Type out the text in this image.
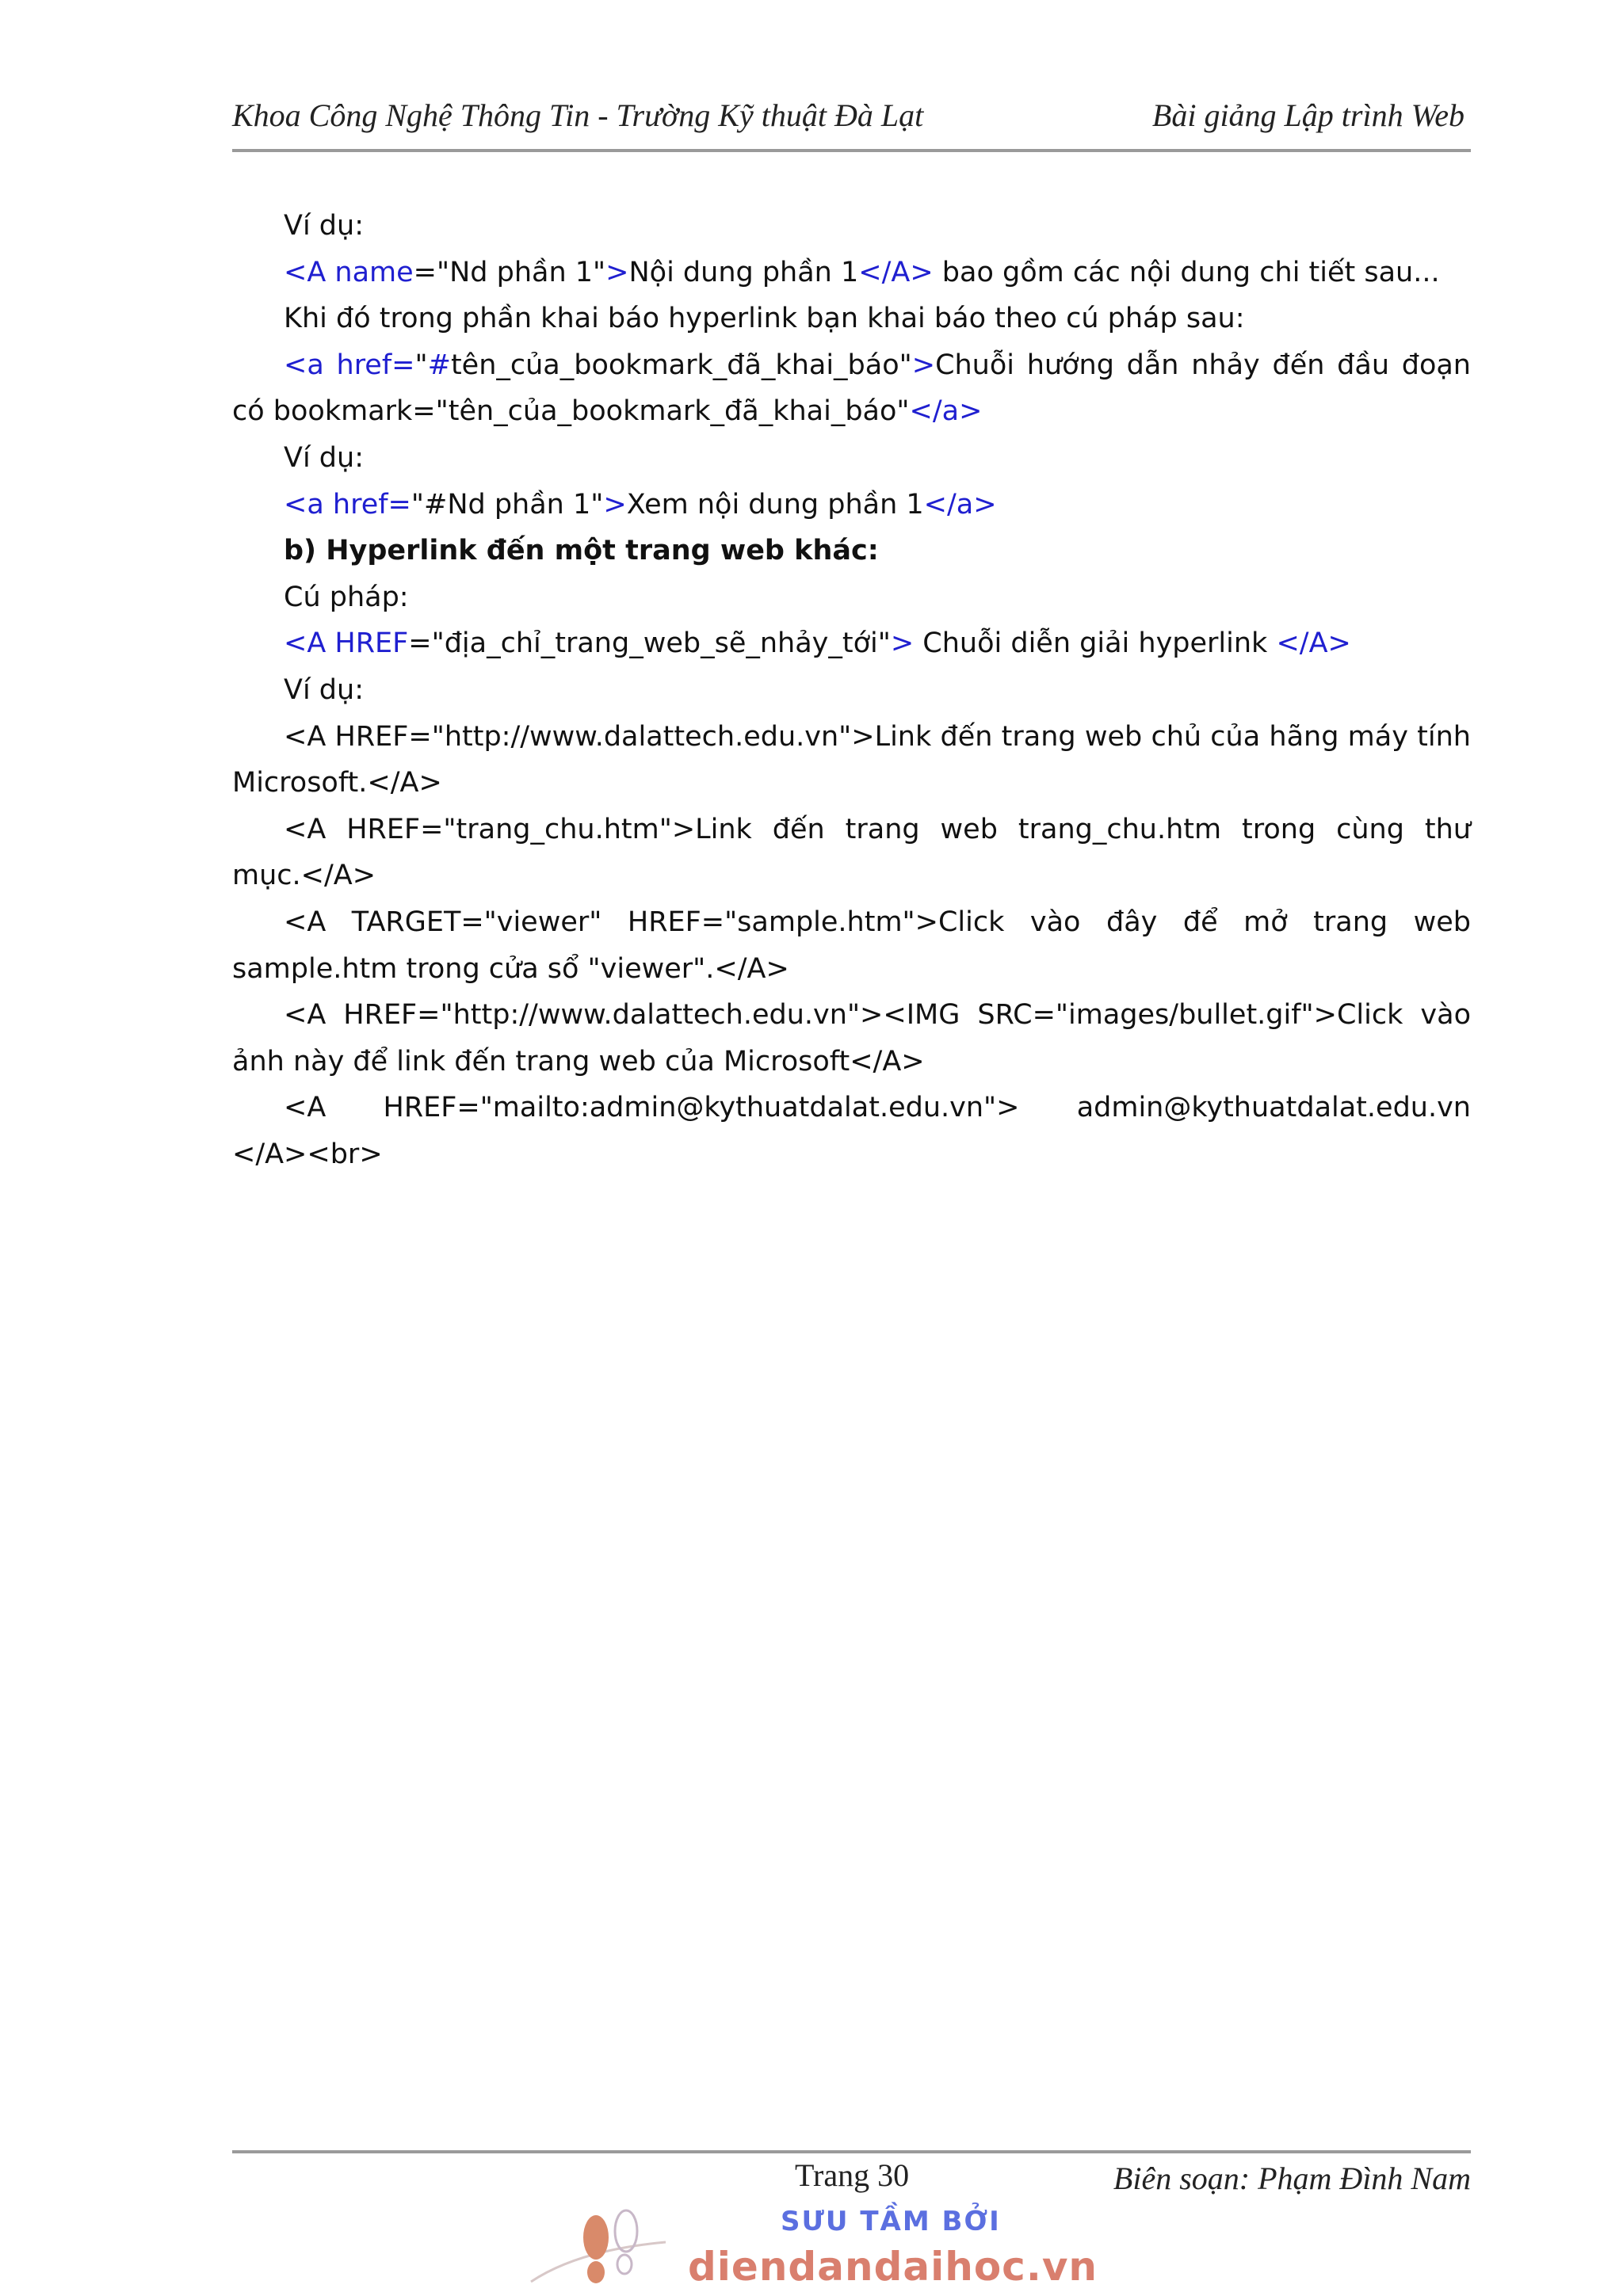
Khoa Công Nghệ Thông Tin - Trường Kỹ thuật Đà Lạt	Bài giảng Lập trình Web

Ví dụ:

<A name="Nd phần 1">Nội dung phần 1</A> bao gồm các nội dung chi tiết sau...

Khi đó trong phần khai báo hyperlink bạn khai báo theo cú pháp sau:

<a href="#tên_của_bookmark_đã_khai_báo">Chuỗi hướng dẫn nhảy đến đầu đoạn

có bookmark="tên_của_bookmark_đã_khai_báo"</a>

Ví dụ:

<a href="#Nd phần 1">Xem nội dung phần 1</a>

b) Hyperlink đến một trang web khác:

Cú pháp:

<A HREF="địa_chỉ_trang_web_sẽ_nhảy_tới"> Chuỗi diễn giải hyperlink </A>

Ví dụ:

<A HREF="http://www.dalattech.edu.vn">Link đến trang web chủ của hãng máy tính

Microsoft.</A>

<A HREF="trang_chu.htm">Link đến trang web trang_chu.htm trong cùng thư

mục.</A>

<A TARGET="viewer" HREF="sample.htm">Click vào đây để mở trang web

sample.htm trong cửa sổ "viewer".</A>

<A HREF="http://www.dalattech.edu.vn"><IMG SRC="images/bullet.gif">Click vào

ảnh này để link đến trang web của Microsoft</A>

<A HREF="mailto:admin@kythuatdalat.edu.vn"> admin@kythuatdalat.edu.vn

</A><br>

Trang 30	Biên soạn: Phạm Đình Nam
SƯU TẦM BỞI
diendandaihoc.vn
